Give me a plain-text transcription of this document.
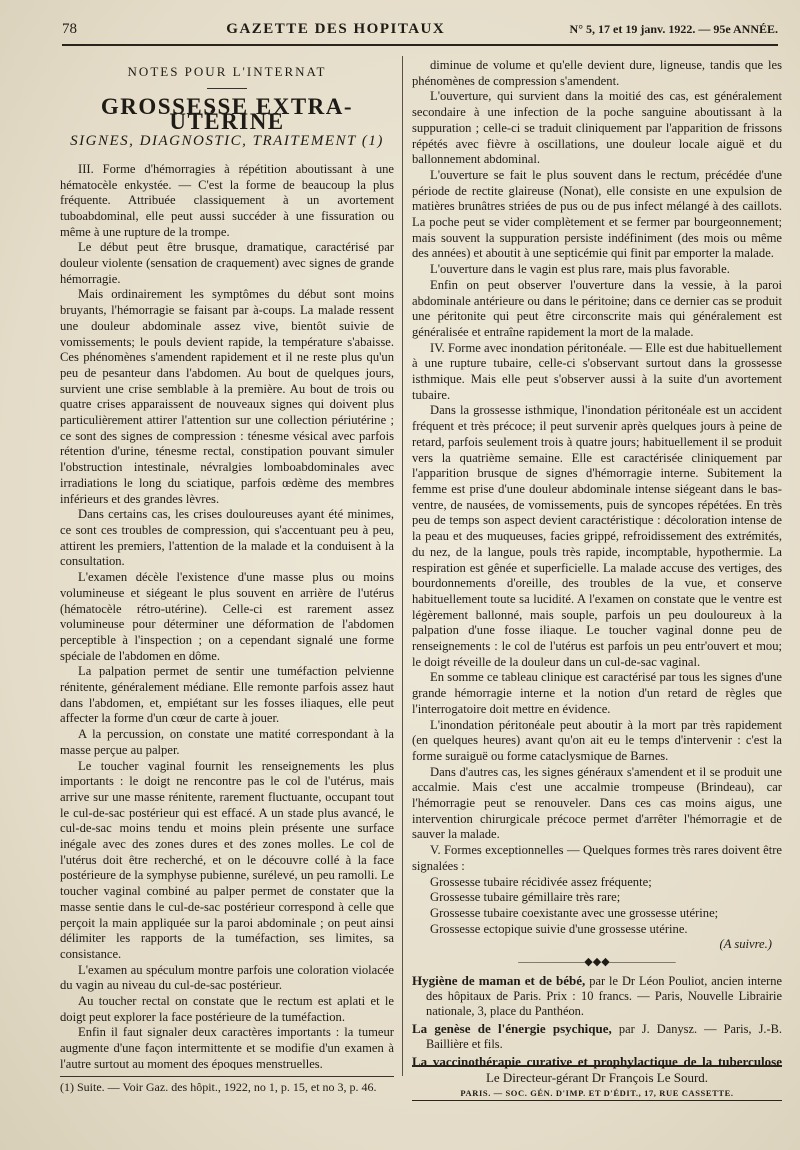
78	GAZETTE DES HOPITAUX	N° 5, 17 et 19 janv. 1922. — 95e ANNÉE.
NOTES POUR L'INTERNAT
GROSSESSE EXTRA-UTÉRINE
SIGNES, DIAGNOSTIC, TRAITEMENT (1)

III. Forme d'hémorragies à répétition aboutissant à une hématocèle enkystée. — C'est la forme de beaucoup la plus fréquente. Attribuée classiquement à un avortement tuboabdominal, elle peut aussi succéder à une fissuration ou même à une rupture de la trompe.

Le début peut être brusque, dramatique, caractérisé par douleur violente (sensation de craquement) avec signes de grande hémorragie.

Mais ordinairement les symptômes du début sont moins bruyants, l'hémorragie se faisant par à-coups. La malade ressent une douleur abdominale assez vive, bientôt suivie de vomissements; le pouls devient rapide, la température s'abaisse. Ces phénomènes s'amendent rapidement et il ne reste plus qu'un peu de pesanteur dans l'abdomen. Au bout de quelques jours, survient une crise semblable à la première. Au bout de trois ou quatre crises apparaissent de nouveaux signes qui doivent plus particulièrement attirer l'attention sur une collection périutérine ; ce sont des signes de compression : ténesme vésical avec parfois rétention d'urine, ténesme rectal, constipation pouvant simuler l'obstruction intestinale, névralgies lomboabdominales avec irradiations le long du sciatique, parfois œdème des membres inférieurs et des grandes lèvres.

Dans certains cas, les crises douloureuses ayant été minimes, ce sont ces troubles de compression, qui s'accentuant peu à peu, attirent les premiers, l'attention de la malade et la conduisent à la consultation.

L'examen décèle l'existence d'une masse plus ou moins volumineuse et siégeant le plus souvent en arrière de l'utérus (hématocèle rétro-utérine). Celle-ci est rarement assez volumineuse pour déterminer une déformation de l'abdomen perceptible à l'inspection ; on a cependant signalé une forme spéciale de l'abdomen en dôme.

La palpation permet de sentir une tuméfaction pelvienne rénitente, généralement médiane. Elle remonte parfois assez haut dans l'abdomen, et, empiétant sur les fosses iliaques, elle peut affecter la forme d'un cœur de carte à jouer.

A la percussion, on constate une matité correspondant à la masse perçue au palper.

Le toucher vaginal fournit les renseignements les plus importants : le doigt ne rencontre pas le col de l'utérus, mais arrive sur une masse rénitente, rarement fluctuante, occupant tout le cul-de-sac postérieur qui est effacé. A un stade plus avancé, le cul-de-sac moins tendu et moins plein présente une surface inégale avec des zones dures et des zones molles. Le col de l'utérus doit être recherché, et on le découvre collé à la face postérieure de la symphyse pubienne, surélevé, un peu ramolli. Le toucher vaginal combiné au palper permet de constater que la masse sentie dans le cul-de-sac postérieur correspond à celle que perçoit la main appliquée sur la paroi abdominale ; on peut ainsi délimiter les rapports de la tuméfaction, ses limites, sa consistance.

L'examen au spéculum montre parfois une coloration violacée du vagin au niveau du cul-de-sac postérieur.

Au toucher rectal on constate que le rectum est aplati et le doigt peut explorer la face postérieure de la tuméfaction.

Enfin il faut signaler deux caractères importants : la tumeur augmente d'une façon intermittente et se modifie d'un examen à l'autre surtout au moment des époques menstruelles.

diminue de volume et qu'elle devient dure, ligneuse, tandis que les phénomènes de compression s'amendent.

L'ouverture, qui survient dans la moitié des cas, est généralement secondaire à une infection de la poche sanguine aboutissant à la suppuration ; celle-ci se traduit cliniquement par l'apparition de frissons répétés avec fièvre à oscillations, une douleur locale aiguë et du ballonnement abdominal.

L'ouverture se fait le plus souvent dans le rectum, précédée d'une période de rectite glaireuse (Nonat), elle consiste en une expulsion de matières brunâtres striées de pus ou de pus infect mélangé à des caillots. La poche peut se vider complètement et se fermer par bourgeonnement; mais souvent la suppuration persiste indéfiniment (des mois ou même des années) et aboutit à une septicémie qui finit par emporter la malade.

L'ouverture dans le vagin est plus rare, mais plus favorable.

Enfin on peut observer l'ouverture dans la vessie, à la paroi abdominale antérieure ou dans le péritoine; dans ce dernier cas se produit une péritonite qui peut être circonscrite mais qui généralement est généralisée et entraîne rapidement la mort de la malade.

IV. Forme avec inondation péritonéale. — Elle est due habituellement à une rupture tubaire, celle-ci s'observant surtout dans la grossesse isthmique. Mais elle peut s'observer aussi à la suite d'un avortement tubaire.

Dans la grossesse isthmique, l'inondation péritonéale est un accident fréquent et très précoce; il peut survenir après quelques jours à peine de retard, parfois seulement trois à quatre jours; habituellement il se produit vers la quatrième semaine. Elle est caractérisée cliniquement par l'apparition brusque de signes d'hémorragie interne. Subitement la femme est prise d'une douleur abdominale intense siégeant dans le bas-ventre, de nausées, de vomissements, puis de syncopes répétées. En très peu de temps son aspect devient caractéristique : décoloration intense de la peau et des muqueuses, facies grippé, refroidissement des extrémités, du nez, de la langue, pouls très rapide, incomptable, hypothermie. La respiration est gênée et superficielle. La malade accuse des vertiges, des bourdonnements d'oreille, des troubles de la vue, et conserve habituellement toute sa lucidité. A l'examen on constate que le ventre est légèrement ballonné, mais souple, parfois un peu douloureux à la palpation d'une fosse iliaque. Le toucher vaginal donne peu de renseignements : le col de l'utérus est parfois un peu entr'ouvert et mou; le doigt réveille de la douleur dans un cul-de-sac vaginal.

En somme ce tableau clinique est caractérisé par tous les signes d'une grande hémorragie interne et la notion d'un retard de règles que l'interrogatoire doit mettre en évidence.

L'inondation péritonéale peut aboutir à la mort par très rapidement (en quelques heures) avant qu'on ait eu le temps d'intervenir : c'est la forme suraiguë ou forme cataclysmique de Barnes.

Dans d'autres cas, les signes généraux s'amendent et il se produit une accalmie. Mais c'est une accalmie trompeuse (Brindeau), car l'hémorragie peut se renouveler. Dans ces cas moins aigus, une intervention chirurgicale précoce permet d'arrêter l'hémorragie et de sauver la malade.

V. Formes exceptionnelles — Quelques formes très rares doivent être signalées :

Grossesse tubaire récidivée assez fréquente;

Grossesse tubaire gémillaire très rare;

Grossesse tubaire coexistante avec une grossesse utérine;

Grossesse ectopique suivie d'une grossesse utérine.

(A suivre.)
——————◆◆◆——————

Hygiène de maman et de bébé, par le Dr Léon Pouliot, ancien interne des hôpitaux de Paris. Prix : 10 francs. — Paris, Nouvelle Librairie nationale, 3, place du Panthéon.

La genèse de l'énergie psychique, par J. Danysz. — Paris, J.-B. Baillière et fils.

La vaccinothérapie curative et prophylactique de la tuberculose

(1) Suite. — Voir Gaz. des hôpit., 1922, no 1, p. 15, et no 3, p. 46.
Le Directeur-gérant Dr François Le Sourd.
PARIS. — SOC. GÉN. D'IMP. ET D'ÉDIT., 17, RUE CASSETTE.
